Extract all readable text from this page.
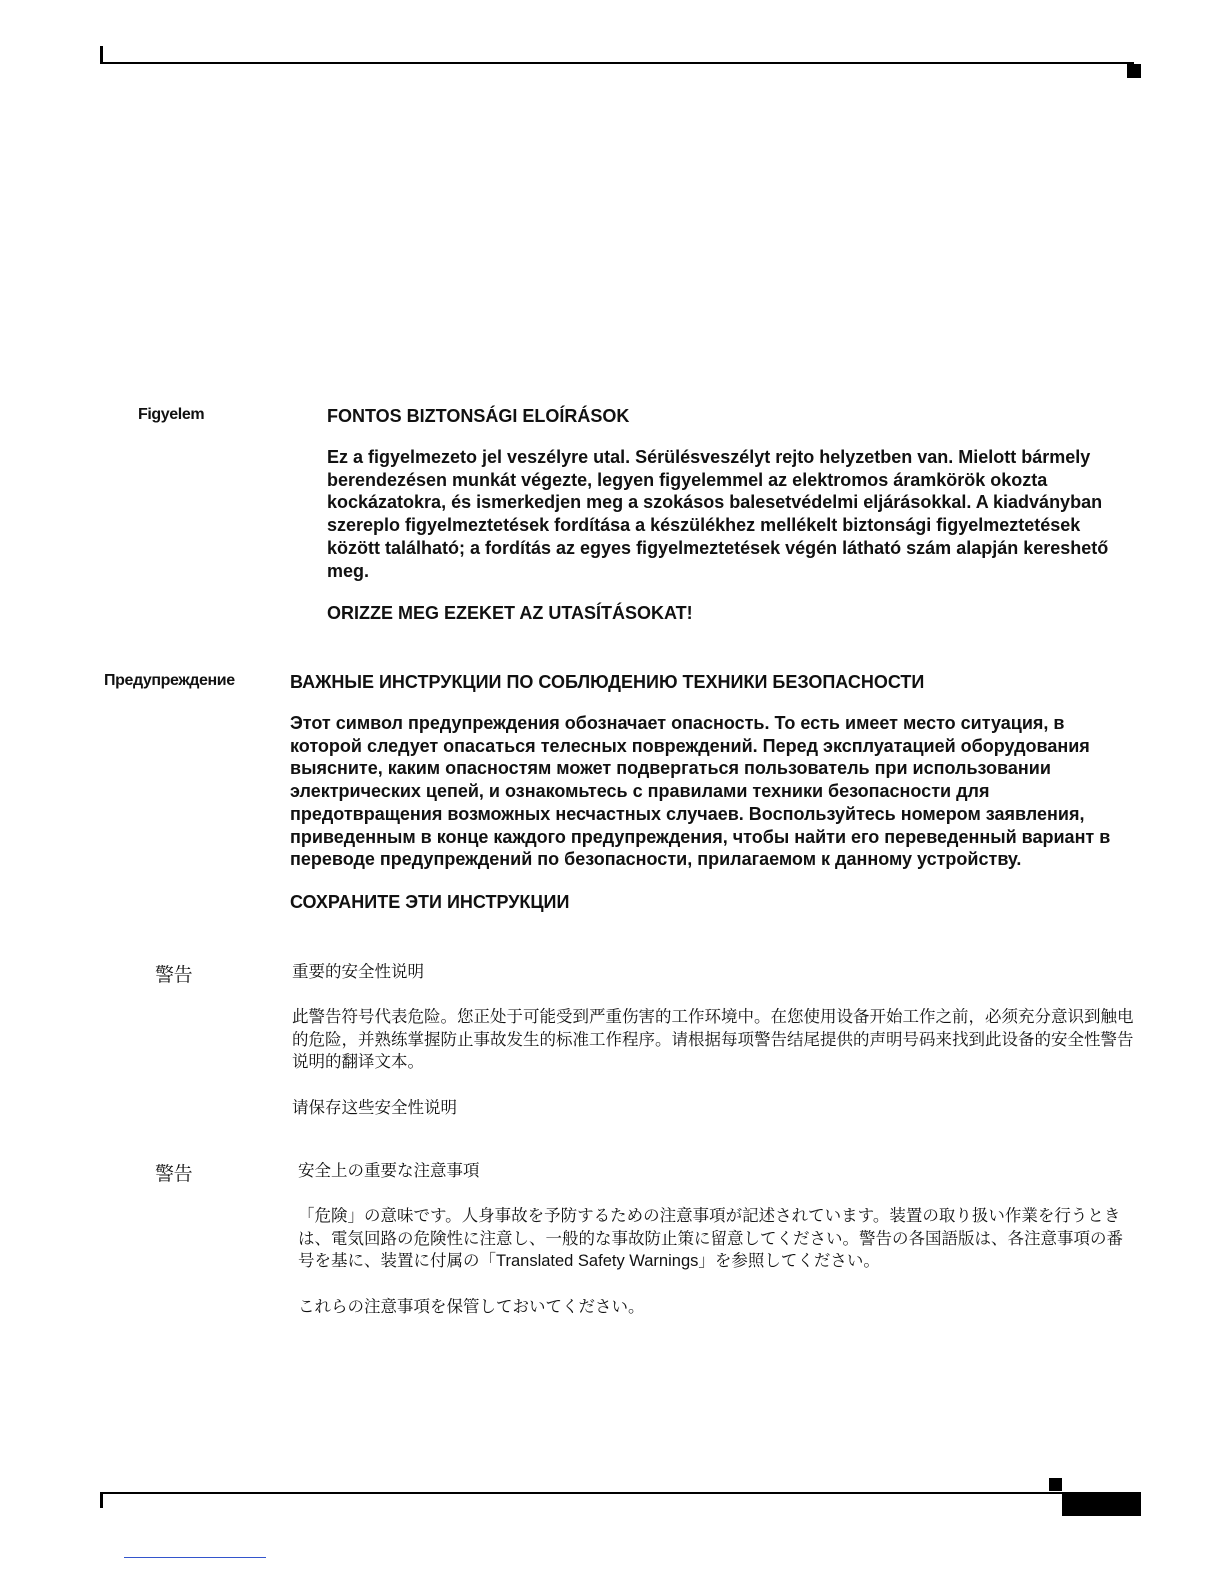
Figyelem	FONTOS BIZTONSÁGI ELOÍRÁSOK

Ez a figyelmezeto jel veszélyre utal. Sérülésveszélyt rejto helyzetben van. Mielott bármely berendezésen munkát végezte, legyen figyelemmel az elektromos áramkörök okozta kockázatokra, és ismerkedjen meg a szokásos balesetvédelmi eljárásokkal. A kiadványban szereplo figyelmeztetések fordítása a készülékhez mellékelt biztonsági figyelmeztetések között található; a fordítás az egyes figyelmeztetések végén látható szám alapján kereshető meg.

ORIZZE MEG EZEKET AZ UTASÍTÁSOKAT!

Предупреждение	ВАЖНЫЕ ИНСТРУКЦИИ ПО СОБЛЮДЕНИЮ ТЕХНИКИ БЕЗОПАСНОСТИ

Этот символ предупреждения обозначает опасность. То есть имеет место ситуация, в которой следует опасаться телесных повреждений. Перед эксплуатацией оборудования выясните, каким опасностям может подвергаться пользователь при использовании электрических цепей, и ознакомьтесь с правилами техники безопасности для предотвращения возможных несчастных случаев. Воспользуйтесь номером заявления, приведенным в конце каждого предупреждения, чтобы найти его переведенный вариант в переводе предупреждений по безопасности, прилагаемом к данному устройству.

СОХРАНИТЕ ЭТИ ИНСТРУКЦИИ

警告	重要的安全性说明

此警告符号代表危险。您正处于可能受到严重伤害的工作环境中。在您使用设备开始工作之前，必须充分意识到触电的危险，并熟练掌握防止事故发生的标准工作程序。请根据每项警告结尾提供的声明号码来找到此设备的安全性警告说明的翻译文本。

请保存这些安全性说明

警告	安全上の重要な注意事項

「危険」の意味です。人身事故を予防するための注意事項が記述されています。装置の取り扱い作業を行うときは、電気回路の危険性に注意し、一般的な事故防止策に留意してください。警告の各国語版は、各注意事項の番号を基に、装置に付属の「Translated Safety Warnings」を参照してください。

これらの注意事項を保管しておいてください。
